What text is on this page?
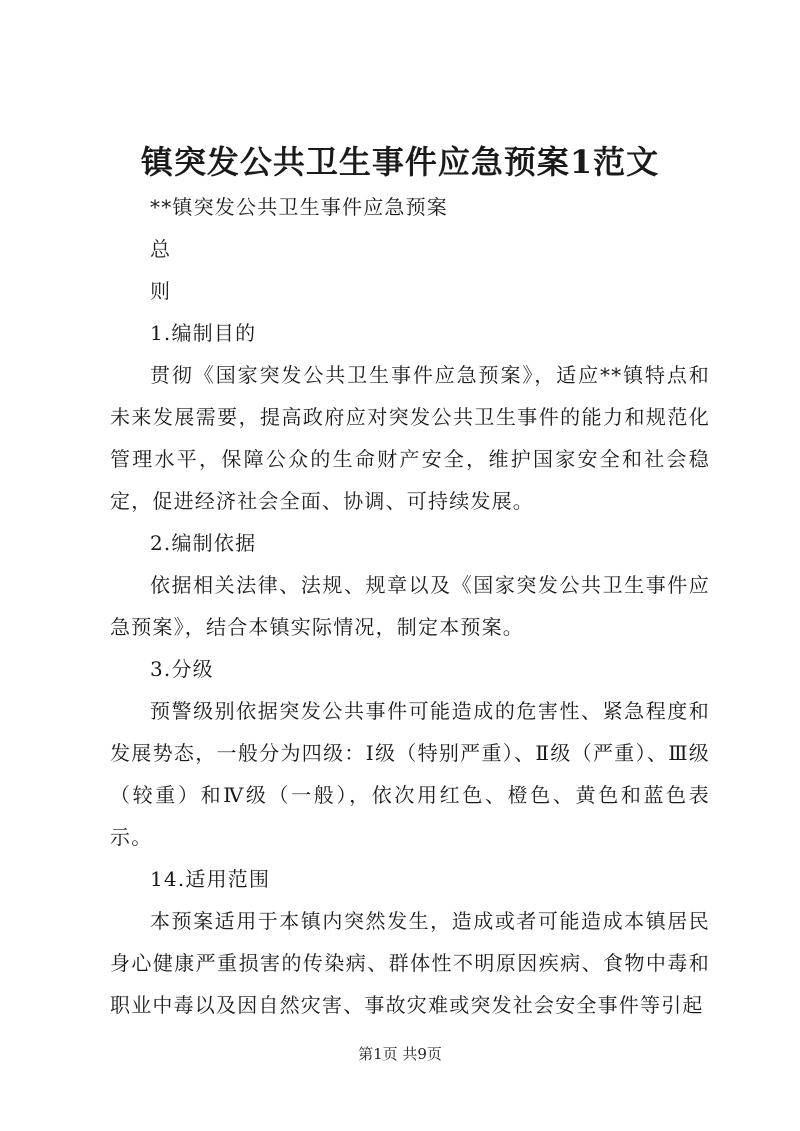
镇突发公共卫生事件应急预案1范文

**镇突发公共卫生事件应急预案

总

则

1.编制目的

贯彻《国家突发公共卫生事件应急预案》，适应**镇特点和未来发展需要，提高政府应对突发公共卫生事件的能力和规范化管理水平，保障公众的生命财产安全，维护国家安全和社会稳定，促进经济社会全面、协调、可持续发展。

2.编制依据

依据相关法律、法规、规章以及《国家突发公共卫生事件应急预案》，结合本镇实际情况，制定本预案。

3.分级

预警级别依据突发公共事件可能造成的危害性、紧急程度和发展势态，一般分为四级：Ⅰ级（特别严重）、Ⅱ级（严重）、Ⅲ级（较重）和Ⅳ级（一般），依次用红色、橙色、黄色和蓝色表示。

14.适用范围

本预案适用于本镇内突然发生，造成或者可能造成本镇居民身心健康严重损害的传染病、群体性不明原因疾病、食物中毒和职业中毒以及因自然灾害、事故灾难或突发社会安全事件等引起

第1页 共9页
